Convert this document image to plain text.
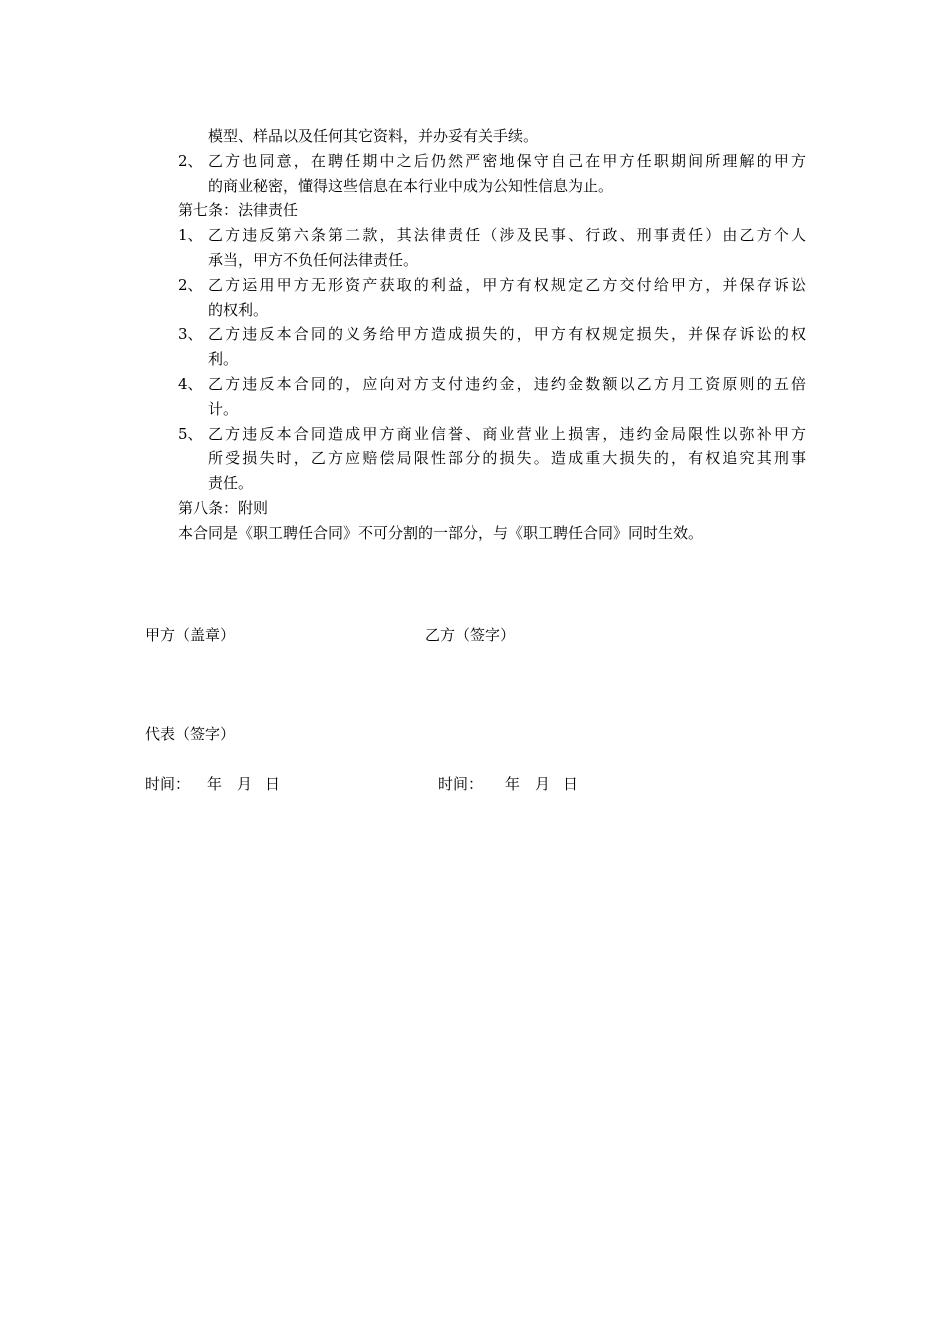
模型、样品以及任何其它资料，并办妥有关手续。
2、 乙方也同意，在聘任期中之后仍然严密地保守自己在甲方任职期间所理解的甲方
的商业秘密，懂得这些信息在本行业中成为公知性信息为止。
第七条：法律责任
1、 乙方违反第六条第二款，其法律责任（涉及民事、行政、刑事责任）由乙方个人
承当，甲方不负任何法律责任。
2、 乙方运用甲方无形资产获取的利益，甲方有权规定乙方交付给甲方，并保存诉讼
的权利。
3、 乙方违反本合同的义务给甲方造成损失的，甲方有权规定损失，并保存诉讼的权
利。
4、 乙方违反本合同的，应向对方支付违约金，违约金数额以乙方月工资原则的五倍
计。
5、 乙方违反本合同造成甲方商业信誉、商业营业上损害，违约金局限性以弥补甲方
所受损失时，乙方应赔偿局限性部分的损失。造成重大损失的，有权追究其刑事
责任。
第八条：附则
本合同是《职工聘任合同》不可分割的一部分，与《职工聘任合同》同时生效。
甲方（盖章）	乙方（签字）
代表（签字）
时间： 年 月 日	时间： 年 月 日
